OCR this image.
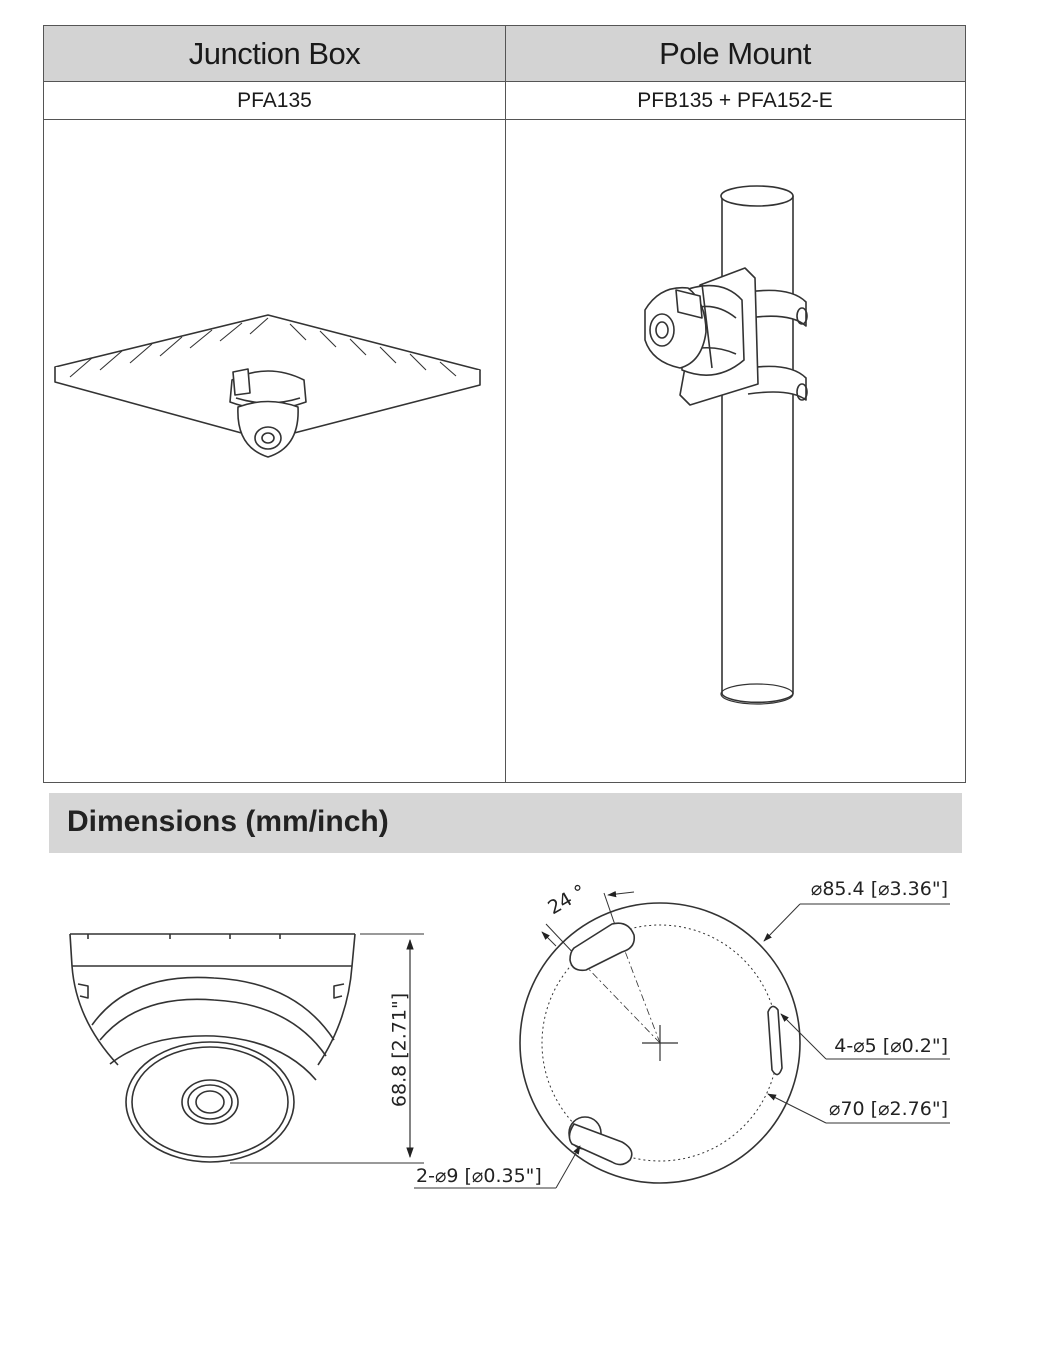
Junction Box	Pole Mount
PFA135	PFB135 + PFA152-E
Dimensions (mm/inch)
68.8 [2.71"]
24 °	⌀85.4 [⌀3.36"]
4-⌀5 [⌀0.2"]
⌀70 [⌀2.76"]
2-⌀9 [⌀0.35"]
